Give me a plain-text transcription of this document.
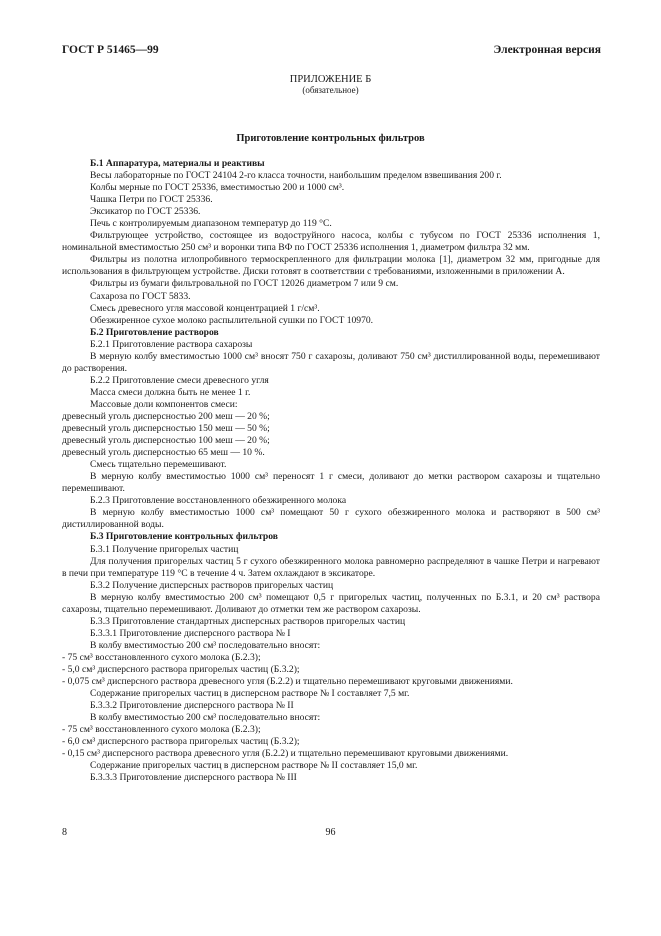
ГОСТ Р 51465—99	Электронная версия
ПРИЛОЖЕНИЕ Б
(обязательное)
Приготовление контрольных фильтров

Б.1 Аппаратура, материалы и реактивы

Весы лабораторные по ГОСТ 24104 2-го класса точности, наибольшим пределом взвешивания 200 г.

Колбы мерные по ГОСТ 25336, вместимостью 200 и 1000 см³.

Чашка Петри по ГОСТ 25336.

Эксикатор по ГОСТ 25336.

Печь с контролируемым диапазоном температур до 119 °С.

Фильтрующее устройство, состоящее из водоструйного насоса, колбы с тубусом по ГОСТ 25336 исполнения 1, номинальной вместимостью 250 см³ и воронки типа ВФ по ГОСТ 25336 исполнения 1, диаметром фильтра 32 мм.

Фильтры из полотна иглопробивного термоскрепленного для фильтрации молока [1], диаметром 32 мм, пригодные для использования в фильтрующем устройстве. Диски готовят в соответствии с требованиями, изложенными в приложении А.

Фильтры из бумаги фильтровальной по ГОСТ 12026 диаметром 7 или 9 см.

Сахароза по ГОСТ 5833.

Смесь древесного угля массовой концентрацией 1 г/см³.

Обезжиренное сухое молоко распылительной сушки по ГОСТ 10970.

Б.2 Приготовление растворов

Б.2.1 Приготовление раствора сахарозы

В мерную колбу вместимостью 1000 см³ вносят 750 г сахарозы, доливают 750 см³ дистиллированной воды, перемешивают до растворения.

Б.2.2 Приготовление смеси древесного угля

Масса смеси должна быть не менее 1 г.

Массовые доли компонентов смеси:

древесный уголь дисперсностью 200 меш — 20 %;

древесный уголь дисперсностью 150 меш — 50 %;

древесный уголь дисперсностью 100 меш — 20 %;

древесный уголь дисперсностью 65 меш — 10 %.

Смесь тщательно перемешивают.

В мерную колбу вместимостью 1000 см³ переносят 1 г смеси, доливают до метки раствором сахарозы и тщательно перемешивают.

Б.2.3 Приготовление восстановленного обезжиренного молока

В мерную колбу вместимостью 1000 см³ помещают 50 г сухого обезжиренного молока и растворяют в 500 см³ дистиллированной воды.

Б.3 Приготовление контрольных фильтров

Б.3.1 Получение пригорелых частиц

Для получения пригорелых частиц 5 г сухого обезжиренного молока равномерно распределяют в чашке Петри и нагревают в печи при температуре 119 °С в течение 4 ч. Затем охлаждают в эксикаторе.

Б.3.2 Получение дисперсных растворов пригорелых частиц

В мерную колбу вместимостью 200 см³ помещают 0,5 г пригорелых частиц, полученных по Б.3.1, и 20 см³ раствора сахарозы, тщательно перемешивают. Доливают до отметки тем же раствором сахарозы.

Б.3.3 Приготовление стандартных дисперсных растворов пригорелых частиц

Б.3.3.1 Приготовление дисперсного раствора № I

В колбу вместимостью 200 см³ последовательно вносят:

- 75 см³ восстановленного сухого молока (Б.2.3);

- 5,0 см³ дисперсного раствора пригорелых частиц (Б.3.2);

- 0,075 см³ дисперсного раствора древесного угля (Б.2.2) и тщательно перемешивают круговыми движениями.

Содержание пригорелых частиц в дисперсном растворе № I составляет 7,5 мг.

Б.3.3.2 Приготовление дисперсного раствора № II

В колбу вместимостью 200 см³ последовательно вносят:

- 75 см³ восстановленного сухого молока (Б.2.3);

- 6,0 см³ дисперсного раствора пригорелых частиц (Б.3.2);

- 0,15 см³ дисперсного раствора древесного угля (Б.2.2) и тщательно перемешивают круговыми движениями.

Содержание пригорелых частиц в дисперсном растворе № II составляет 15,0 мг.

Б.3.3.3 Приготовление дисперсного раствора № III

8	96
